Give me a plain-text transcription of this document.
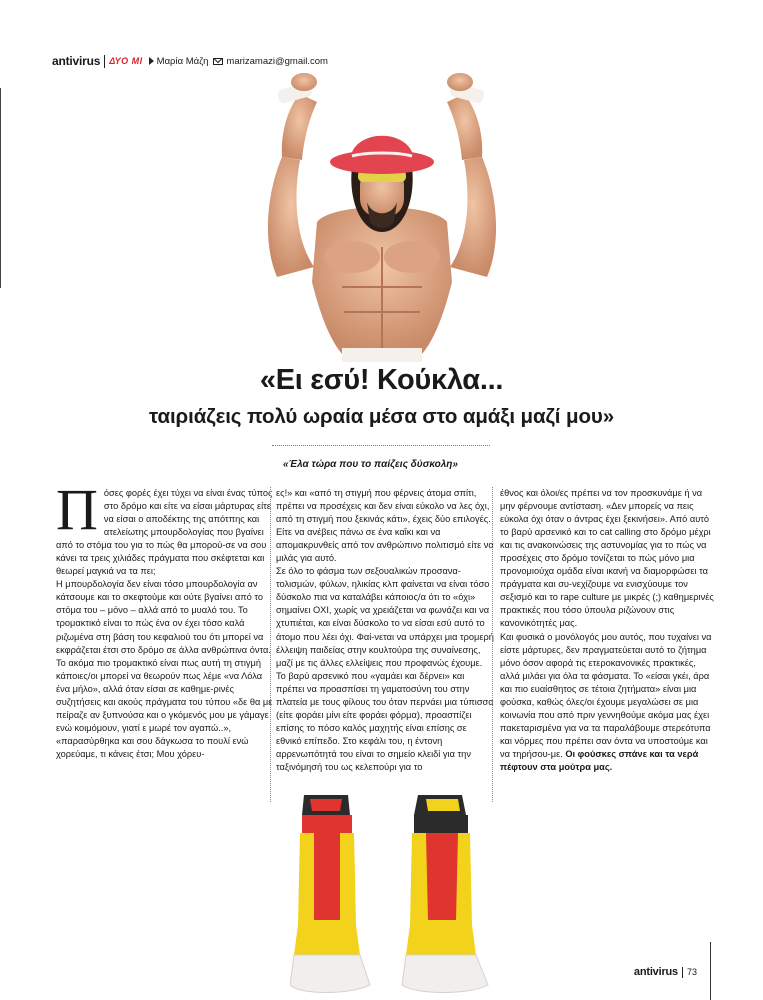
antivirus ΔΥΟ ΜΙ Μαρία Μάζη marizamazi@gmail.com
«Ει εσύ! Κούκλα...
ταιριάζεις πολύ ωραία μέσα στο αμάξι μαζί μου»
«Έλα τώρα που το παίζεις δύσκολη»
Π όσες φορές έχει τύχει να είναι ένας τύπος στο δρόμο και είτε να είσαι μάρτυρας είτε να είσαι ο αποδέκτης της απότπης και ατελείωτης μπουρδολογίας που βγαίνει από το στόμα του για το πώς θα μπορού-σε να σου κάνει τα τρεις χιλιάδες πράγματα που σκέφτεται και θεωρεί μαγκιά να τα πει;

Η μπουρδολογία δεν είναι τόσο μπουρδολογία αν κάτσουμε και το σκεφτούμε και ούτε βγαίνει από το στόμα του – μόνο – αλλά από το μυαλό του. Το τρομακτικό είναι το πώς ένα ον έχει τόσο καλά ριζωμένα στη βάση του κεφαλιού του ότι μπορεί να εκφράζεται έτσι στο δρόμο σε άλλα ανθρώπινα όντα.

Το ακόμα πιο τρομακτικό είναι πως αυτή τη στιγμή κάποιες/οι μπορεί να θεωρούν πως λέμε «να Λόλα ένα μήλο», αλλά όταν είσαι σε καθημε-ρινές συζητήσεις και ακούς πράγματα του τύπου «δε θα με πείραζε αν ξυπνούσα και ο γκόμενός μου με γάμαγε ενώ κοιμόμουν, γιατί ε μωρέ τον αγαπώ..», «παρασύρθηκα και σου δάγκωσα το πουλί ενώ χορεύαμε, τι κάνεις έτσι; Μου χόρευ-

ες!» και «από τη στιγμή που φέρνεις άτομα σπίτι, πρέπει να προσέχεις και δεν είναι εύκολο να λες όχι, από τη στιγμή που ξεκινάς κάτι», έχεις δύο επιλογές. Είτε να ανέβεις πάνω σε ένα καΐκι και να απομακρυνθείς από τον ανθρώπινο πολιτισμό είτε να μιλάς για αυτό.

Σε όλο το φάσμα των σεξουαλικών προσανα-τολισμών, φύλων, ηλικίας κλπ φαίνεται να είναι τόσο δύσκολο πια να καταλάβει κάποιος/α ότι το «όχι» σημαίνει ΟΧΙ, χωρίς να χρειάζεται να φωνάζει και να χτυπιέται, και είναι δύσκολο το να είσαι εσύ αυτό το άτομο που λέει όχι. Φαί-νεται να υπάρχει μια τρομερή έλλειψη παιδείας στην κουλτούρα της συναίνεσης, μαζί με τις άλλες ελλείψεις που προφανώς έχουμε.

Το βαρύ αρσενικό που «γαμάει και δέρνει» και πρέπει να προασπίσει τη γαματοσύνη του στην πλατεία με τους φίλους του όταν περνάει μια τύπισσα (είτε φοράει μίνι είτε φοράει φόρμα), προασπίζει επίσης το πόσο καλός μαχητής είναι επίσης σε εθνικό επίπεδο. Στο κεφάλι του, η έντονη αρρενωπότητά του είναι το σημείο κλειδί για την ταξινόμησή του ως κελεπούρι για το

έθνος και όλοι/ες πρέπει να τον προσκυνάμε ή να μην φέρνουμε αντίσταση. «Δεν μπορείς να πεις εύκολα όχι όταν ο άντρας έχει ξεκινήσει». Από αυτό το βαρύ αρσενικό και το cat calling στο δρόμο μέχρι και τις ανακοινώσεις της αστυνομίας για το πώς να προσέχεις στο δρόμο τονίζεται το πώς μόνο μια προνομιούχα ομάδα είναι ικανή να διαμορφώσει τα πράγματα και συ-νεχίζουμε να ενισχύουμε τον σεξισμό και το rape culture με μικρές (;) καθημερινές πρακτικές που τόσο ύπουλα ριζώνουν στις κανονικότητές μας.

Και φυσικά ο μονόλογός μου αυτός, που τυχαίνει να είστε μάρτυρες, δεν πραγματεύεται αυτό το ζήτημα μόνο όσον αφορά τις ετεροκανονικές πρακτικές, αλλά μιλάει για όλα τα φάσματα. Το «είσαι γκέι, άρα και πιο ευαίσθητος σε τέτοια ζητήματα» είναι μια φούσκα, καθώς όλες/οι έχουμε μεγαλώσει σε μια κοινωνία που από πριν γεννηθούμε ακόμα μας έχει πακεταρισμένα για να τα παραλάβουμε στερεότυπα και νόρμες που πρέπει σαν όντα να υποστούμε και να τηρήσου-με. Οι φούσκες σπάνε και τα νερά πέφτουν στα μούτρα μας.

antivirus 73
